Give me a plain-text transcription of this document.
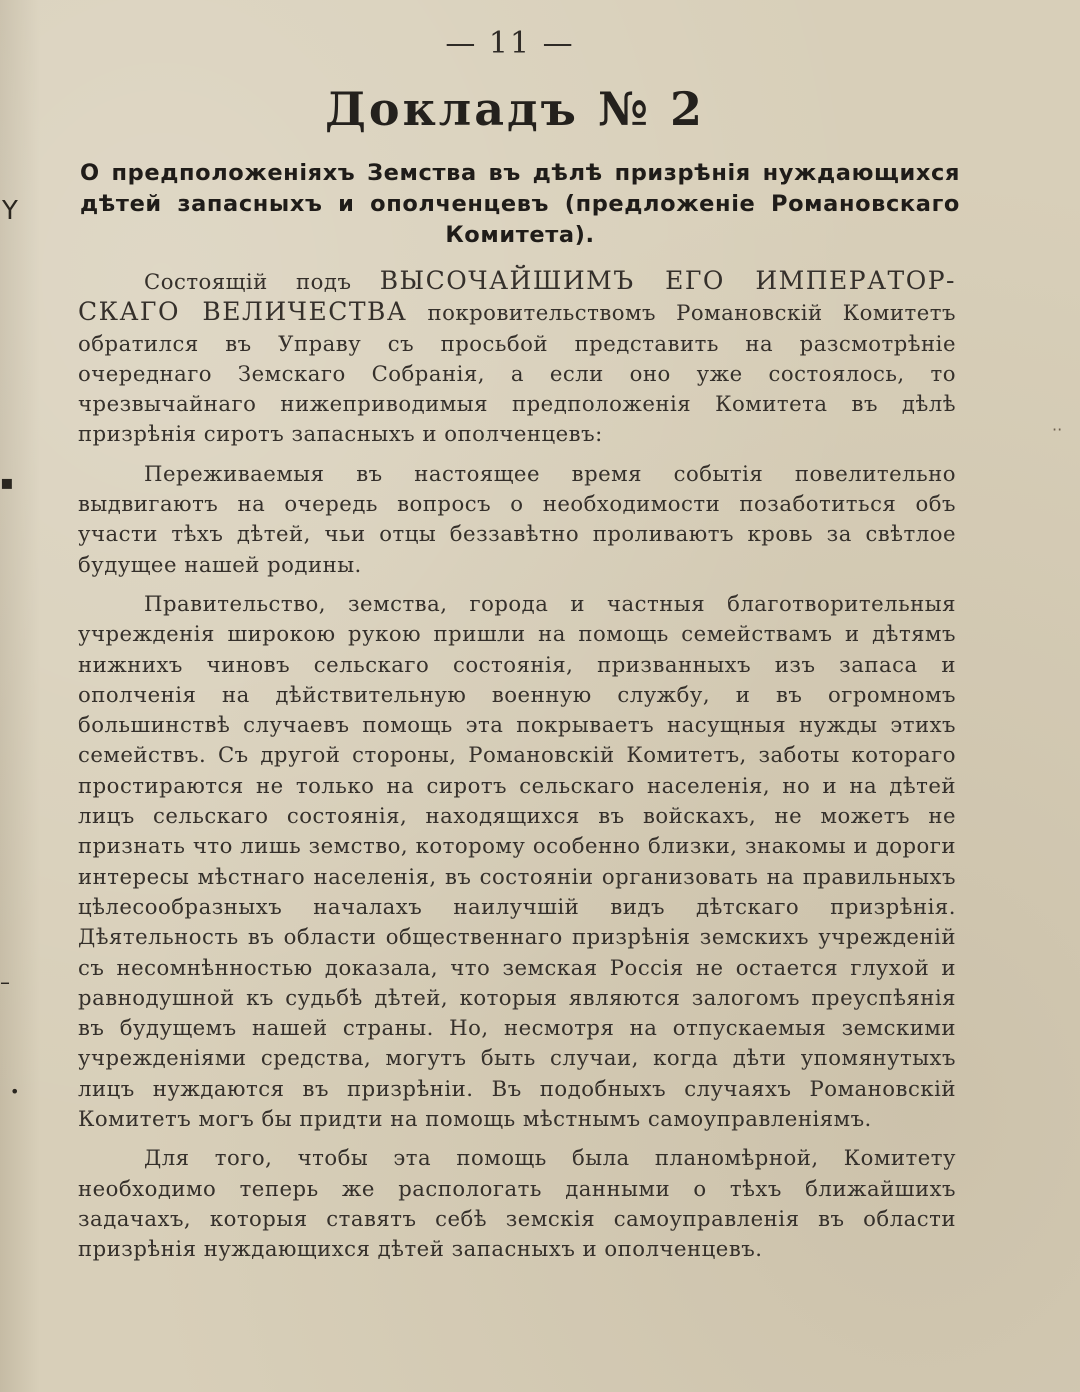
— 11 —
Докладъ № 2
О предположеніяхъ Земства въ дѣлѣ призрѣнія нуждающихся дѣтей запасныхъ и ополченцевъ (предложеніе Романовскаго Комитета).

Состоящій подъ ВЫСОЧАЙШИМЪ ЕГО ИМПЕРАТОР-СКАГО ВЕЛИЧЕСТВА покровительствомъ Романовскій Комитетъ обратился въ Управу съ просьбой представить на разсмотрѣніе очереднаго Земскаго Собранія, а если оно уже состоялось, то чрезвычайнаго нижеприводимыя предположенія Комитета въ дѣлѣ призрѣнія сиротъ запасныхъ и ополченцевъ:

Переживаемыя въ настоящее время событія повелительно выдвигаютъ на очередь вопросъ о необходимости позаботиться объ участи тѣхъ дѣтей, чьи отцы беззавѣтно проливаютъ кровь за свѣтлое будущее нашей родины.

Правительство, земства, города и частныя благотворительныя учрежденія широкою рукою пришли на помощь семействамъ и дѣтямъ нижнихъ чиновъ сельскаго состоянія, призванныхъ изъ запаса и ополченія на дѣйствительную военную службу, и въ огромномъ большинствѣ случаевъ помощь эта покрываетъ насущныя нужды этихъ семействъ. Съ другой стороны, Романовскій Комитетъ, заботы котораго простираются не только на сиротъ сельскаго населенія, но и на дѣтей лицъ сельскаго состоянія, находящихся въ войскахъ, не можетъ не признать что лишь земство, которому особенно близки, знакомы и дороги интересы мѣстнаго населенія, въ состояніи организовать на правильныхъ цѣлесообразныхъ началахъ наилучшій видъ дѣтскаго призрѣнія. Дѣятельность въ области общественнаго призрѣнія земскихъ учрежденій съ несомнѣнностью доказала, что земская Россія не остается глухой и равнодушной къ судьбѣ дѣтей, которыя являются залогомъ преуспѣянія въ будущемъ нашей страны. Но, несмотря на отпускаемыя земскими учрежденіями средства, могутъ быть случаи, когда дѣти упомянутыхъ лицъ нуждаются въ призрѣніи. Въ подобныхъ случаяхъ Романовскій Комитетъ могъ бы придти на помощь мѣстнымъ самоуправленіямъ.

Для того, чтобы эта помощь была планомѣрной, Комитету необходимо теперь же распологать данными о тѣхъ ближайшихъ задачахъ, которыя ставятъ себѣ земскія самоуправленія въ области призрѣнія нуждающихся дѣтей запасныхъ и ополченцевъ.

Y
▪
–
•
··
